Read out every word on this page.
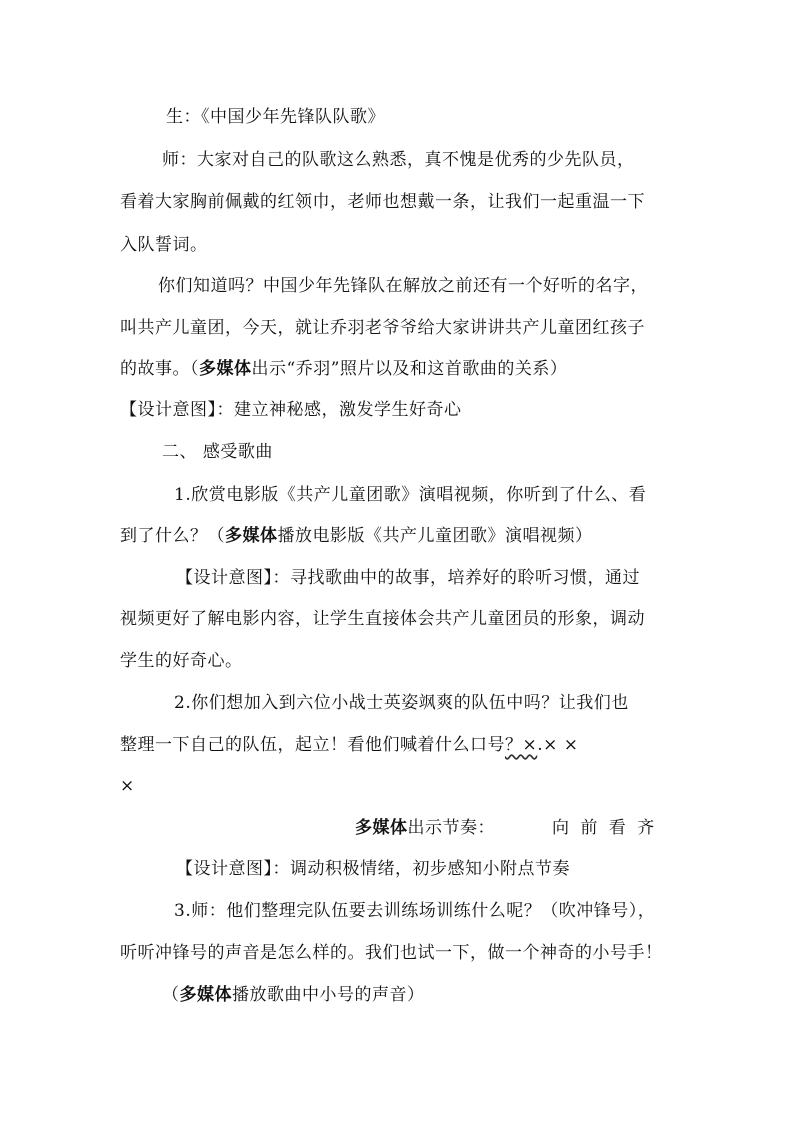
生：《中国少年先锋队队歌》
师：大家对自己的队歌这么熟悉，真不愧是优秀的少先队员，
看着大家胸前佩戴的红领巾，老师也想戴一条，让我们一起重温一下
入队誓词。
你们知道吗？中国少年先锋队在解放之前还有一个好听的名字，
叫共产儿童团，今天，就让乔羽老爷爷给大家讲讲共产儿童团红孩子
的故事。（多媒体出示“乔羽”照片以及和这首歌曲的关系）
【设计意图】：建立神秘感，激发学生好奇心
二、 感受歌曲
1.欣赏电影版《共产儿童团歌》演唱视频，你听到了什么、看
到了什么？（多媒体播放电影版《共产儿童团歌》演唱视频）
【设计意图】：寻找歌曲中的故事，培养好的聆听习惯，通过
视频更好了解电影内容，让学生直接体会共产儿童团员的形象，调动
学生的好奇心。
2.你们想加入到六位小战士英姿飒爽的队伍中吗？让我们也
整理一下自己的队伍，起立！看他们喊着什么口号？×.× ×
×
多媒体出示节奏：	向 前 看 齐
【设计意图】：调动积极情绪，初步感知小附点节奏
3.师：他们整理完队伍要去训练场训练什么呢？（吹冲锋号），
听听冲锋号的声音是怎么样的。我们也试一下，做一个神奇的小号手！
（多媒体播放歌曲中小号的声音）
